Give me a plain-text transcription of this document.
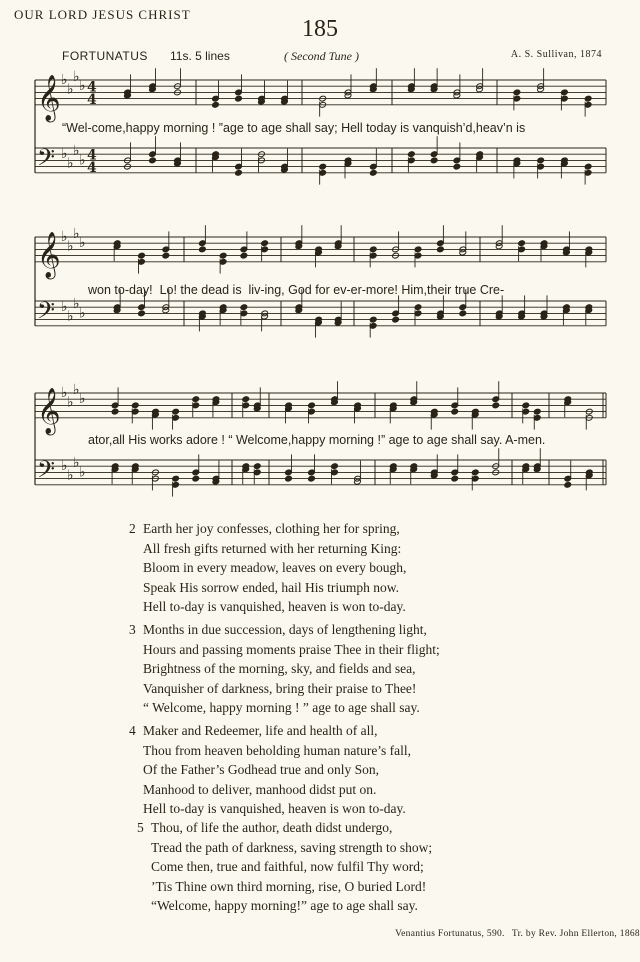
OUR LORD JESUS CHRIST
185
FORTUNATUS 11s. 5 lines	( Second Tune )	A. S. Sullivan, 1874
𝄞 ♭
♭
♭
♭ 4
4
𝄢 ♭
♭
♭
♭ 4
4
𝄞 ♭
♭
♭
♭
𝄢 ♭
♭
♭
♭
𝄞 ♭
♭
♭
♭
𝄢 ♭
♭
♭
♭
“Wel-come,happy morning ! ”age to age shall say; Hell today is vanquish’d,heav’n is
won to-day!  Lo! the dead is  liv-ing, God for ev-er-more! Him,their true Cre-
ator,all His works adore ! “ Welcome,happy morning !” age to age shall say. A-men.
2 Earth her joy confesses, clothing her for spring,
All fresh gifts returned with her returning King:
Bloom in every meadow, leaves on every bough,
Speak His sorrow ended, hail His triumph now.
Hell to-day is vanquished, heaven is won to-day.
3 Months in due succession, days of lengthening light,
Hours and passing moments praise Thee in their flight;
Brightness of the morning, sky, and fields and sea,
Vanquisher of darkness, bring their praise to Thee!
“ Welcome, happy morning ! ” age to age shall say.
4 Maker and Redeemer, life and health of all,
Thou from heaven beholding human nature’s fall,
Of the Father’s Godhead true and only Son,
Manhood to deliver, manhood didst put on.
Hell to-day is vanquished, heaven is won to-day.
5 Thou, of life the author, death didst undergo,
Tread the path of darkness, saving strength to show;
Come then, true and faithful, now fulfil Thy word;
’Tis Thine own third morning, rise, O buried Lord!
“Welcome, happy morning!” age to age shall say.
Venantius Fortunatus, 590. Tr. by Rev. John Ellerton, 1868
